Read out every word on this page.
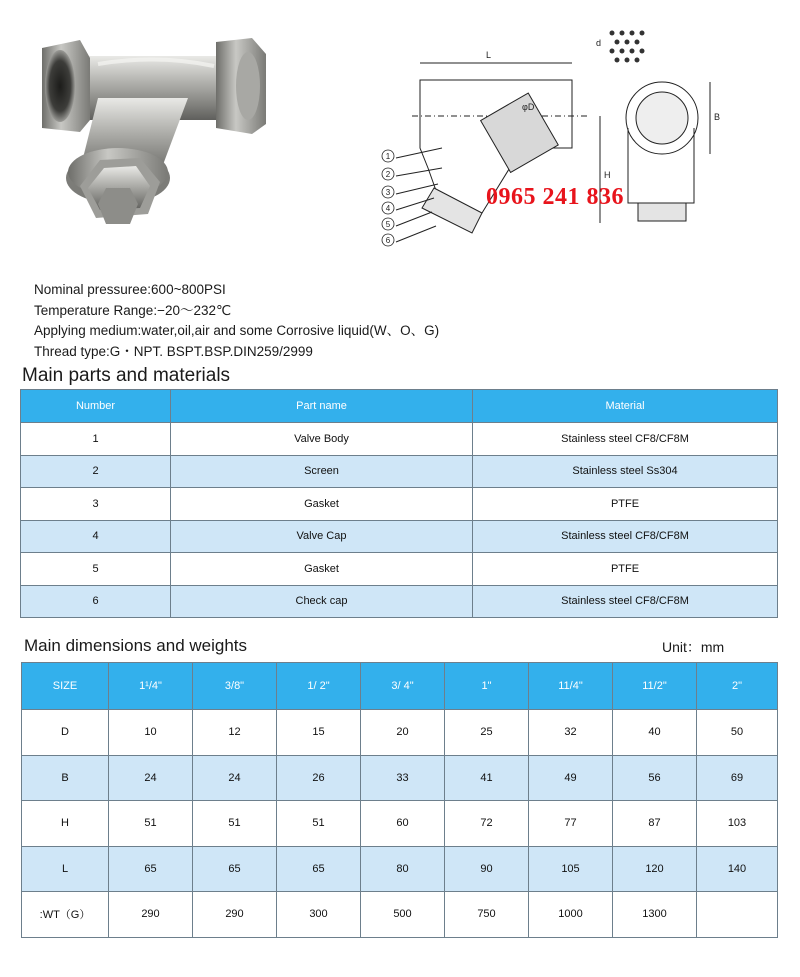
L
φD
H
B
d
1
2
3
4
5
6
0965 241 836
Nominal pressuree:600~800PSI
Temperature Range:−20～232℃
Applying medium:water,oil,air and some Corrosive liquid(W、O、G)
Thread type:G・NPT. BSPT.BSP.DIN259/2999
Main parts and materials
Number	Part name	Material
1	Valve Body	Stainless steel CF8/CF8M
2	Screen	Stainless steel Ss304
3	Gasket	PTFE
4	Valve Cap	Stainless steel CF8/CF8M
5	Gasket	PTFE
6	Check cap	Stainless steel CF8/CF8M
Main dimensions and weights	Unit：mm
SIZE	1¹/4"	3/8"	1/ 2"	3/ 4"	1"	11/4"	11/2"	2"
D	10	12	15	20	25	32	40	50
B	24	24	26	33	41	49	56	69
H	51	51	51	60	72	77	87	103
L	65	65	65	80	90	105	120	140
:WT（G）	290	290	300	500	750	1000	1300	
